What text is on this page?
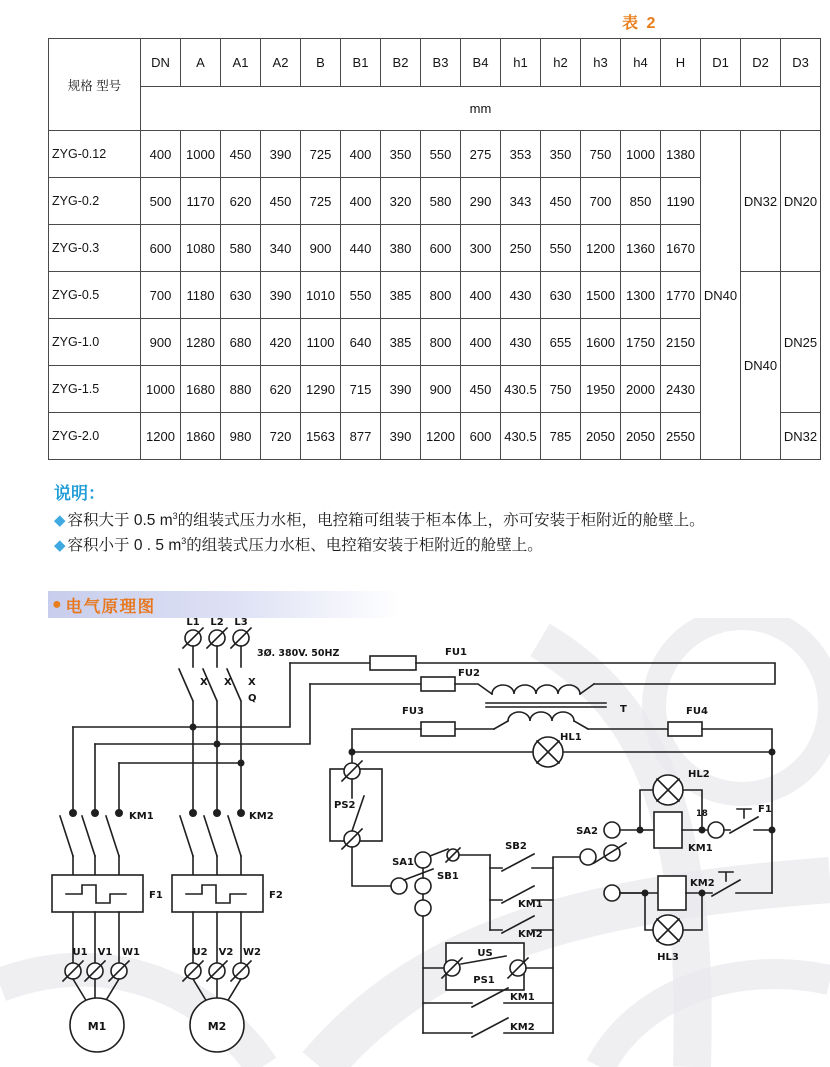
表 2
规格 型号	DN	A	A1	A2	B	B1	B2	B3	B4	h1	h2	h3	h4	H	D1	D2	D3
	mm																
ZYG-0.12	400	1000	450	390	725	400	350	550	275	353	350	750	1000	1380	DN40	DN32	DN20
ZYG-0.2	500	1170	620	450	725	400	320	580	290	343	450	700	850	1190			
ZYG-0.3	600	1080	580	340	900	440	380	600	300	250	550	1200	1360	1670			
ZYG-0.5	700	1180	630	390	1010	550	385	800	400	430	630	1500	1300	1770		DN40	DN25
ZYG-1.0	900	1280	680	420	1100	640	385	800	400	430	655	1600	1750	2150			
ZYG-1.5	1000	1680	880	620	1290	715	390	900	450	430.5	750	1950	2000	2430			
ZYG-2.0	1200	1860	980	720	1563	877	390	1200	600	430.5	785	2050	2050	2550			DN32
说明：
◆ 容积大于 0.5 $m^3$的组装式压力水柜，电控箱可组装于柜本体上，亦可安装于柜附近的舱壁上。
◆ 容积小于 0 . 5 $m^3$的组装式压力水柜、电控箱安装于柜附近的舱壁上。
● 电气原理图
L1 L2 L3
3Ø. 380V. 50HZ
X X X
Q
FU1
FU2
FU3	FU4
T
HL1
HL2
HL3
PS2
SA1
SB1
SB2
KM1
KM2
SA2
KM1
KM2
18	F1
US
PS1
KM1
KM2
KM1	KM2
F1	F2
U1 V1 W1	U2 V2 W2
M1	M2
